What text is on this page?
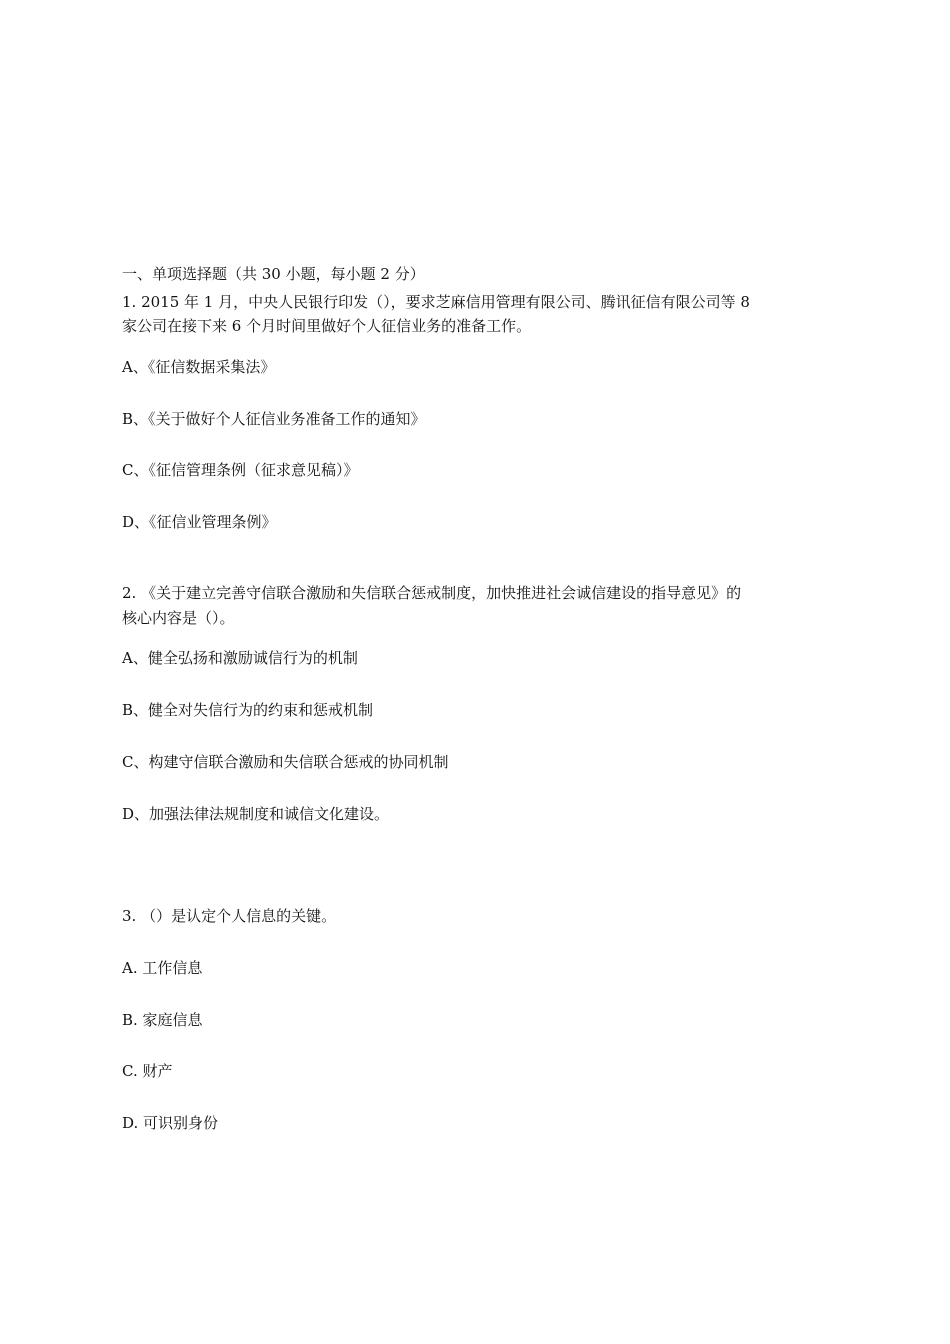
一、单项选择题（共 30 小题，每小题 2 分）
1. 2015 年 1 月，中央人民银行印发（），要求芝麻信用管理有限公司、腾讯征信有限公司等 8
家公司在接下来 6 个月时间里做好个人征信业务的准备工作。
A、《征信数据采集法》
B、《关于做好个人征信业务准备工作的通知》
C、《征信管理条例（征求意见稿）》
D、《征信业管理条例》
2. 《关于建立完善守信联合激励和失信联合惩戒制度，加快推进社会诚信建设的指导意见》的
核心内容是（）。
A、健全弘扬和激励诚信行为的机制
B、健全对失信行为的约束和惩戒机制
C、构建守信联合激励和失信联合惩戒的协同机制
D、加强法律法规制度和诚信文化建设。
3. （）是认定个人信息的关键。
A. 工作信息
B. 家庭信息
C. 财产
D. 可识别身份
